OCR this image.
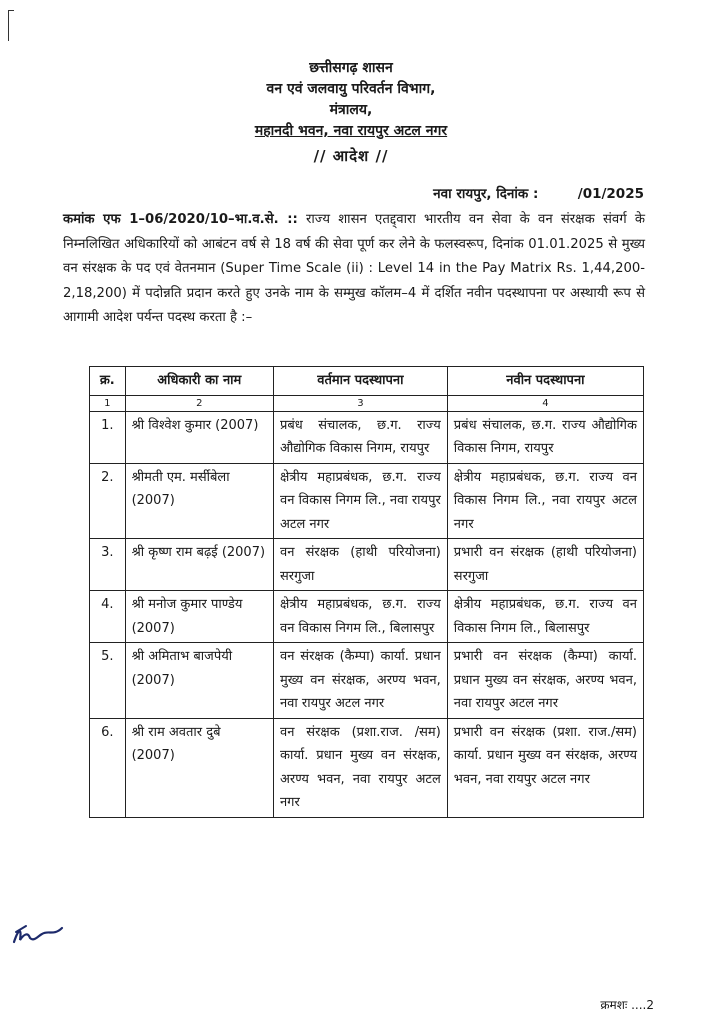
छत्तीसगढ़ शासन
वन एवं जलवायु परिवर्तन विभाग,
मंत्रालय,
महानदी भवन, नवा रायपुर अटल नगर
// आदेश //
नवा रायपुर, दिनांक :	/01/2025
कमांक एफ 1–06/2020/10–भा.व.से. :: राज्य शासन एतद्द्वारा भारतीय वन सेवा के वन संरक्षक संवर्ग के निम्नलिखित अधिकारियों को आबंटन वर्ष से 18 वर्ष की सेवा पूर्ण कर लेने के फलस्वरूप, दिनांक 01.01.2025 से मुख्य वन संरक्षक के पद एवं वेतनमान (Super Time Scale (ii) : Level 14 in the Pay Matrix Rs. 1,44,200-2,18,200) में पदोन्नति प्रदान करते हुए उनके नाम के सम्मुख कॉलम–4 में दर्शित नवीन पदस्थापना पर अस्थायी रूप से आगामी आदेश पर्यन्त पदस्थ करता है :–
क्र.	अधिकारी का नाम	वर्तमान पदस्थापना	नवीन पदस्थापना
1	2	3	4
1.	श्री विश्वेश कुमार (2007)	प्रबंध संचालक, छ.ग. राज्य औद्योगिक विकास निगम, रायपुर	प्रबंध संचालक, छ.ग. राज्य औद्योगिक विकास निगम, रायपुर
2.	श्रीमती एम. मर्सीबेला (2007)	क्षेत्रीय महाप्रबंधक, छ.ग. राज्य वन विकास निगम लि., नवा रायपुर अटल नगर	क्षेत्रीय महाप्रबंधक, छ.ग. राज्य वन विकास निगम लि., नवा रायपुर अटल नगर
3.	श्री कृष्ण राम बढ़ई (2007)	वन संरक्षक (हाथी परियोजना) सरगुजा	प्रभारी वन संरक्षक (हाथी परियोजना) सरगुजा
4.	श्री मनोज कुमार पाण्डेय (2007)	क्षेत्रीय महाप्रबंधक, छ.ग. राज्य वन विकास निगम लि., बिलासपुर	क्षेत्रीय महाप्रबंधक, छ.ग. राज्य वन विकास निगम लि., बिलासपुर
5.	श्री अमिताभ बाजपेयी (2007)	वन संरक्षक (कैम्पा) कार्या. प्रधान मुख्य वन संरक्षक, अरण्य भवन, नवा रायपुर अटल नगर	प्रभारी वन संरक्षक (कैम्पा) कार्या. प्रधान मुख्य वन संरक्षक, अरण्य भवन, नवा रायपुर अटल नगर
6.	श्री राम अवतार दुबे (2007)	वन संरक्षक (प्रशा.राज. /सम) कार्या. प्रधान मुख्य वन संरक्षक, अरण्य भवन, नवा रायपुर अटल नगर	प्रभारी वन संरक्षक (प्रशा. राज./सम) कार्या. प्रधान मुख्य वन संरक्षक, अरण्य भवन, नवा रायपुर अटल नगर
क्रमशः ....2
